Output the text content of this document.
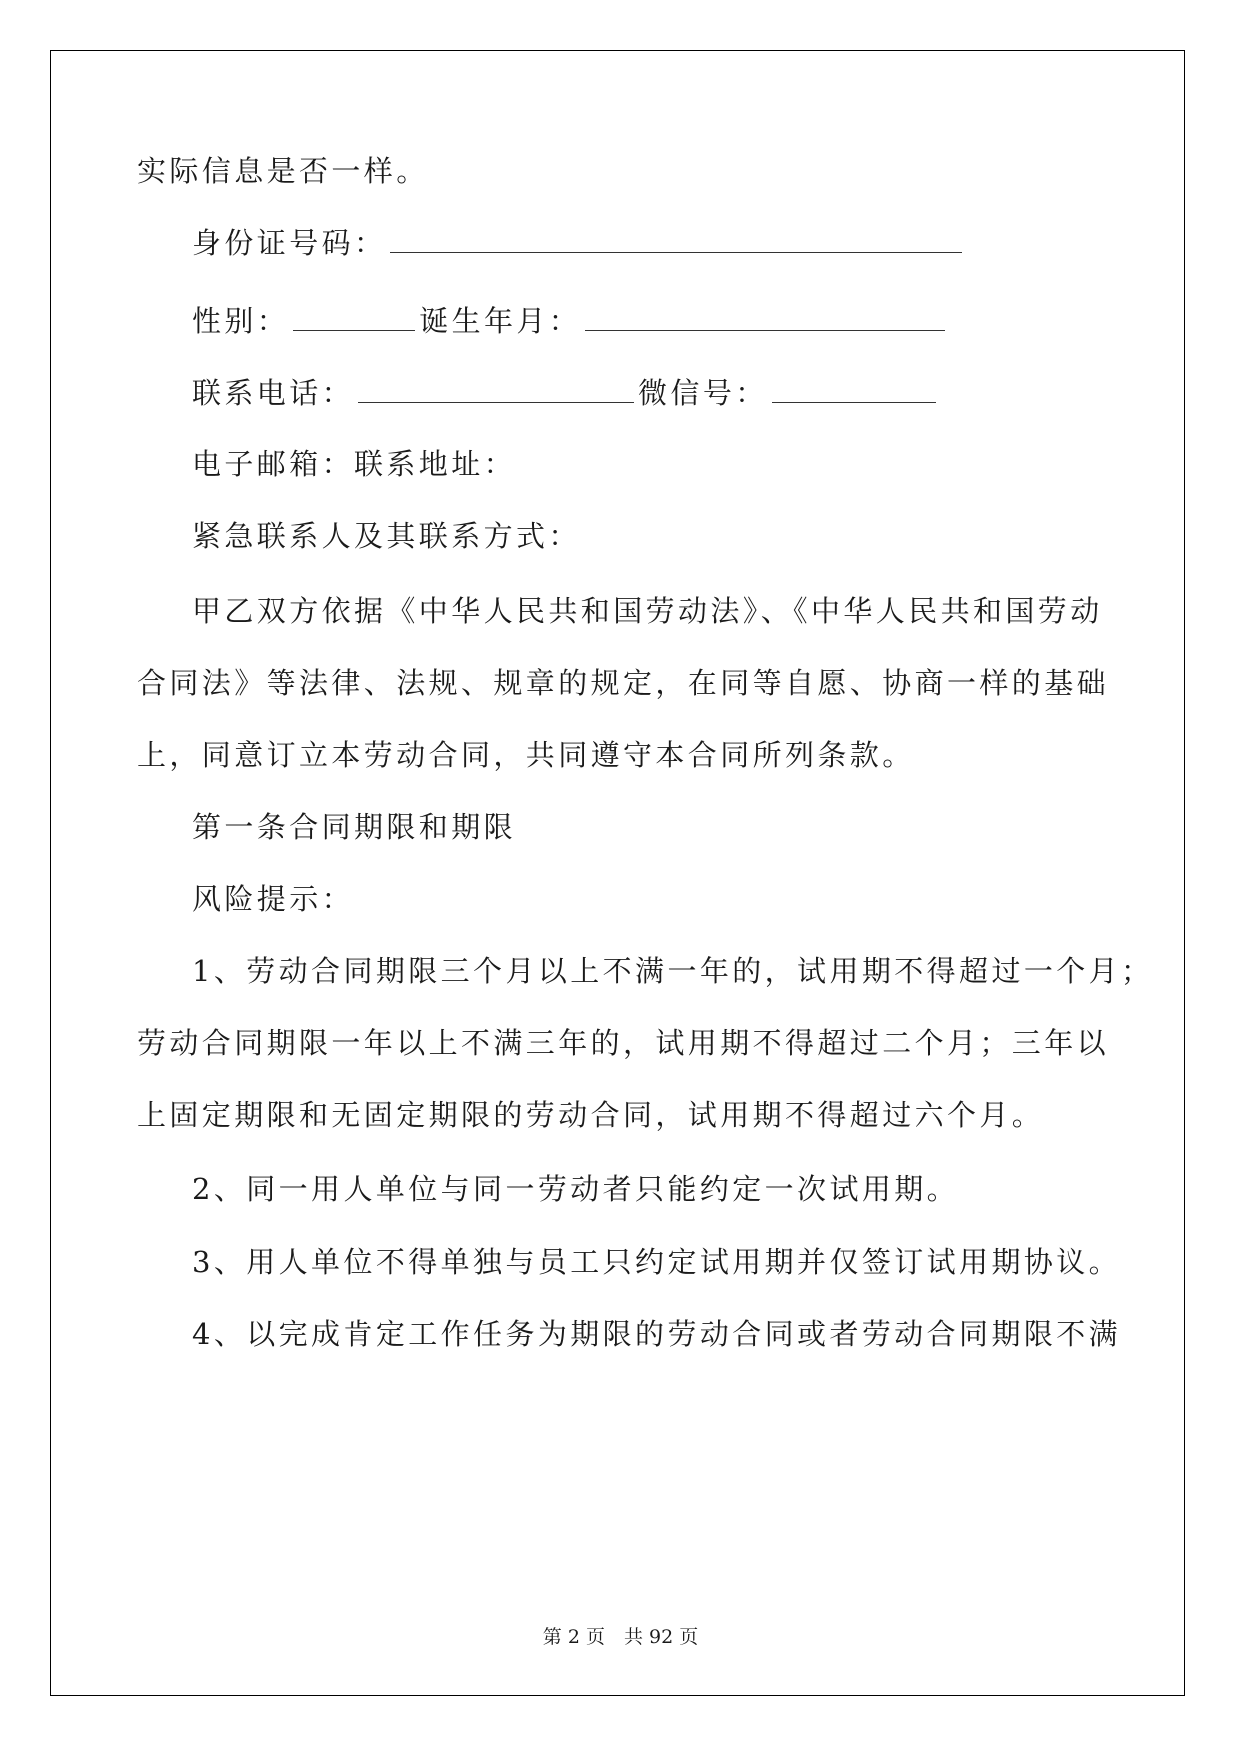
实际信息是否一样。

身份证号码：

性别：	诞生年月：

联系电话：	微信号：

电子邮箱：联系地址：

紧急联系人及其联系方式：

甲乙双方依据《中华人民共和国劳动法》、《中华人民共和国劳动

合同法》等法律、法规、规章的规定，在同等自愿、协商一样的基础

上，同意订立本劳动合同，共同遵守本合同所列条款。

第一条合同期限和期限

风险提示：

1、劳动合同期限三个月以上不满一年的，试用期不得超过一个月；

劳动合同期限一年以上不满三年的，试用期不得超过二个月；三年以

上固定期限和无固定期限的劳动合同，试用期不得超过六个月。

2、同一用人单位与同一劳动者只能约定一次试用期。

3、用人单位不得单独与员工只约定试用期并仅签订试用期协议。

4、以完成肯定工作任务为期限的劳动合同或者劳动合同期限不满

第 2 页　共 92 页
